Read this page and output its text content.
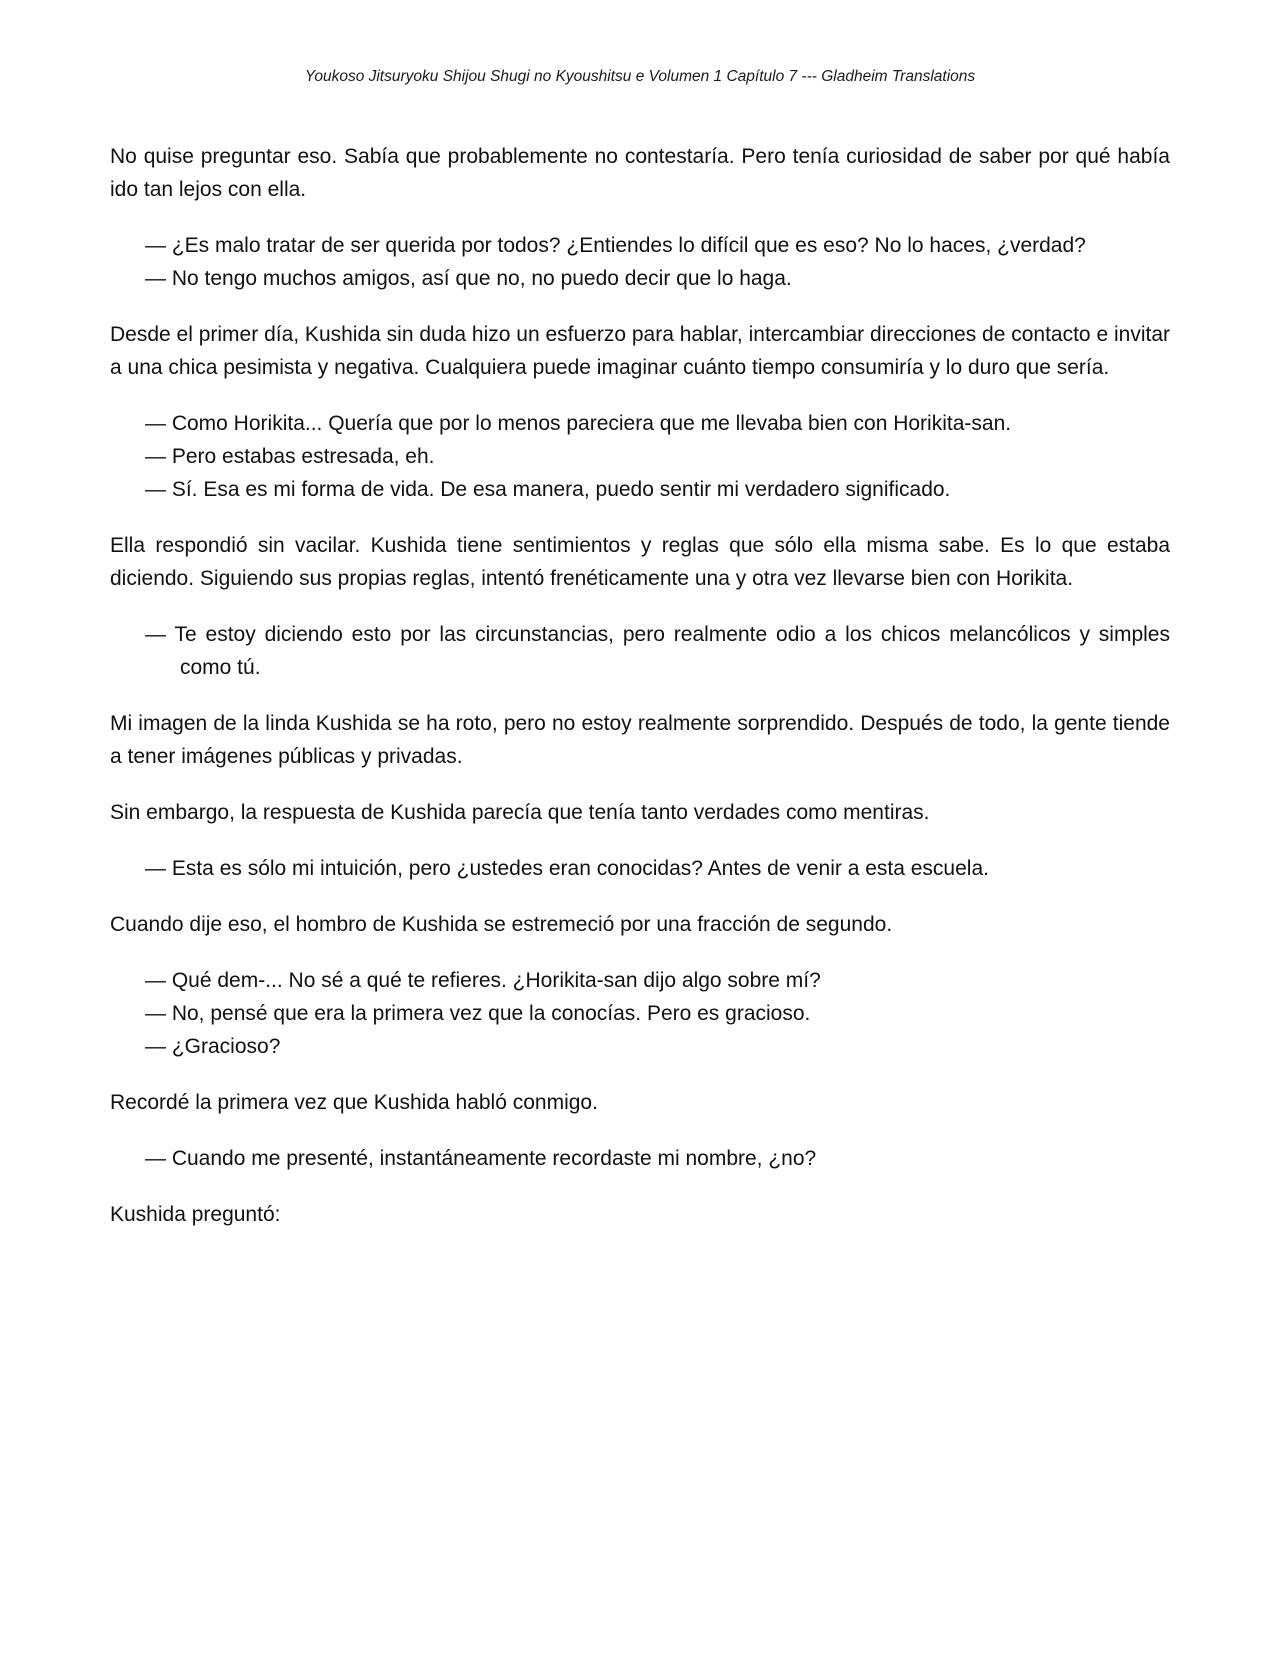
Youkoso Jitsuryoku Shijou Shugi no Kyoushitsu e Volumen 1 Capítulo 7 --- Gladheim Translations

No quise preguntar eso. Sabía que probablemente no contestaría. Pero tenía curiosidad de saber por qué había ido tan lejos con ella.

— ¿Es malo tratar de ser querida por todos? ¿Entiendes lo difícil que es eso? No lo haces, ¿verdad?

— No tengo muchos amigos, así que no, no puedo decir que lo haga.

Desde el primer día, Kushida sin duda hizo un esfuerzo para hablar, intercambiar direcciones de contacto e invitar a una chica pesimista y negativa. Cualquiera puede imaginar cuánto tiempo consumiría y lo duro que sería.

— Como Horikita... Quería que por lo menos pareciera que me llevaba bien con Horikita-san.

— Pero estabas estresada, eh.

— Sí. Esa es mi forma de vida. De esa manera, puedo sentir mi verdadero significado.

Ella respondió sin vacilar. Kushida tiene sentimientos y reglas que sólo ella misma sabe. Es lo que estaba diciendo. Siguiendo sus propias reglas, intentó frenéticamente una y otra vez llevarse bien con Horikita.

— Te estoy diciendo esto por las circunstancias, pero realmente odio a los chicos melancólicos y simples como tú.

Mi imagen de la linda Kushida se ha roto, pero no estoy realmente sorprendido. Después de todo, la gente tiende a tener imágenes públicas y privadas.

Sin embargo, la respuesta de Kushida parecía que tenía tanto verdades como mentiras.

— Esta es sólo mi intuición, pero ¿ustedes eran conocidas? Antes de venir a esta escuela.

Cuando dije eso, el hombro de Kushida se estremeció por una fracción de segundo.

— Qué dem-... No sé a qué te refieres. ¿Horikita-san dijo algo sobre mí?

— No, pensé que era la primera vez que la conocías. Pero es gracioso.

— ¿Gracioso?

Recordé la primera vez que Kushida habló conmigo.

— Cuando me presenté, instantáneamente recordaste mi nombre, ¿no?

Kushida preguntó:
